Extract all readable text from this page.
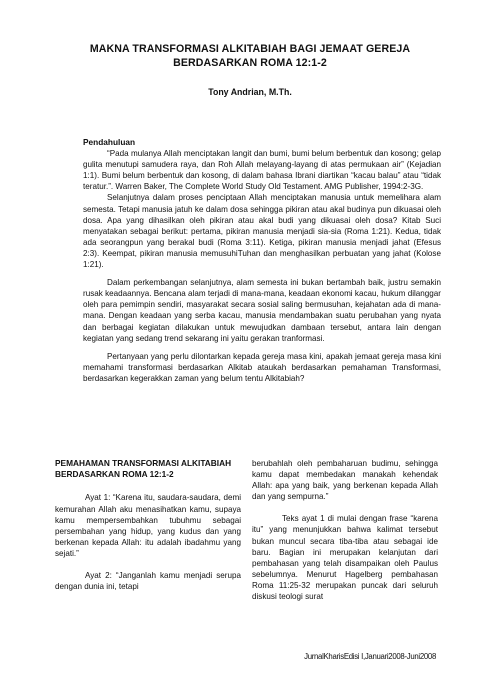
MAKNA TRANSFORMASI ALKITABIAH BAGI JEMAAT GEREJA BERDASARKAN ROMA 12:1-2
Tony Andrian, M.Th.
Pendahuluan

“Pada mulanya Allah menciptakan langit dan bumi, bumi belum berbentuk dan kosong; gelap gulita menutupi samudera raya, dan Roh Allah melayang-layang di atas permukaan air” (Kejadian 1:1). Bumi belum berbentuk dan kosong, di dalam bahasa Ibrani diartikan “kacau balau” atau “tidak teratur.”. Warren Baker, The Complete World Study Old Testament. AMG Publisher, 1994:2-3G.

Selanjutnya dalam proses penciptaan Allah menciptakan manusia untuk memelihara alam semesta. Tetapi manusia jatuh ke dalam dosa sehingga pikiran atau akal budinya pun dikuasai oleh dosa. Apa yang dihasilkan oleh pikiran atau akal budi yang dikuasai oleh dosa? Kitab Suci menyatakan sebagai berikut: pertama, pikiran manusia menjadi sia-sia (Roma 1:21). Kedua, tidak ada seorangpun yang berakal budi (Roma 3:11). Ketiga, pikiran manusia menjadi jahat (Efesus 2:3). Keempat, pikiran manusia memusuhiTuhan dan menghasilkan perbuatan yang jahat (Kolose 1:21).

Dalam perkembangan selanjutnya, alam semesta ini bukan bertambah baik, justru semakin rusak keadaannya. Bencana alam terjadi di mana-mana, keadaan ekonomi kacau, hukum dilanggar oleh para pemimpin sendiri, masyarakat secara sosial saling bermusuhan, kejahatan ada di mana-mana. Dengan keadaan yang serba kacau, manusia mendambakan suatu perubahan yang nyata dan berbagai kegiatan dilakukan untuk mewujudkan dambaan tersebut, antara lain dengan kegiatan yang sedang trend sekarang ini yaitu gerakan tranformasi.

Pertanyaan yang perlu dilontarkan kepada gereja masa kini, apakah jemaat gereja masa kini memahami transformasi berdasarkan Alkitab ataukah berdasarkan pemahaman Transformasi, berdasarkan kegerakkan zaman yang belum tentu Alkitabiah?

PEMAHAMAN TRANSFORMASI ALKITABIAH BERDASARKAN ROMA 12:1-2

Ayat 1: “Karena itu, saudara-saudara, demi kemurahan Allah aku menasihatkan kamu, supaya kamu mempersembahkan tubuhmu sebagai persembahan yang hidup, yang kudus dan yang berkenan kepada Allah: itu adalah ibadahmu yang sejati.”

Ayat 2: “Janganlah kamu menjadi serupa dengan dunia ini, tetapi

berubahlah oleh pembaharuan budimu, sehingga kamu dapat membedakan manakah kehendak Allah: apa yang baik, yang berkenan kepada Allah dan yang sempurna.”

Teks ayat 1 di mulai dengan frase “karena itu” yang menunjukkan bahwa kalimat tersebut bukan muncul secara tiba-tiba atau sebagai ide baru. Bagian ini merupakan kelanjutan dari pembahasan yang telah disampaikan oleh Paulus sebelumnya. Menurut Hagelberg pembahasan Roma 11:25-32 merupakan puncak dari seluruh diskusi teologi surat

JurnalKharisEdisi I,Januari2008-Juni2008
